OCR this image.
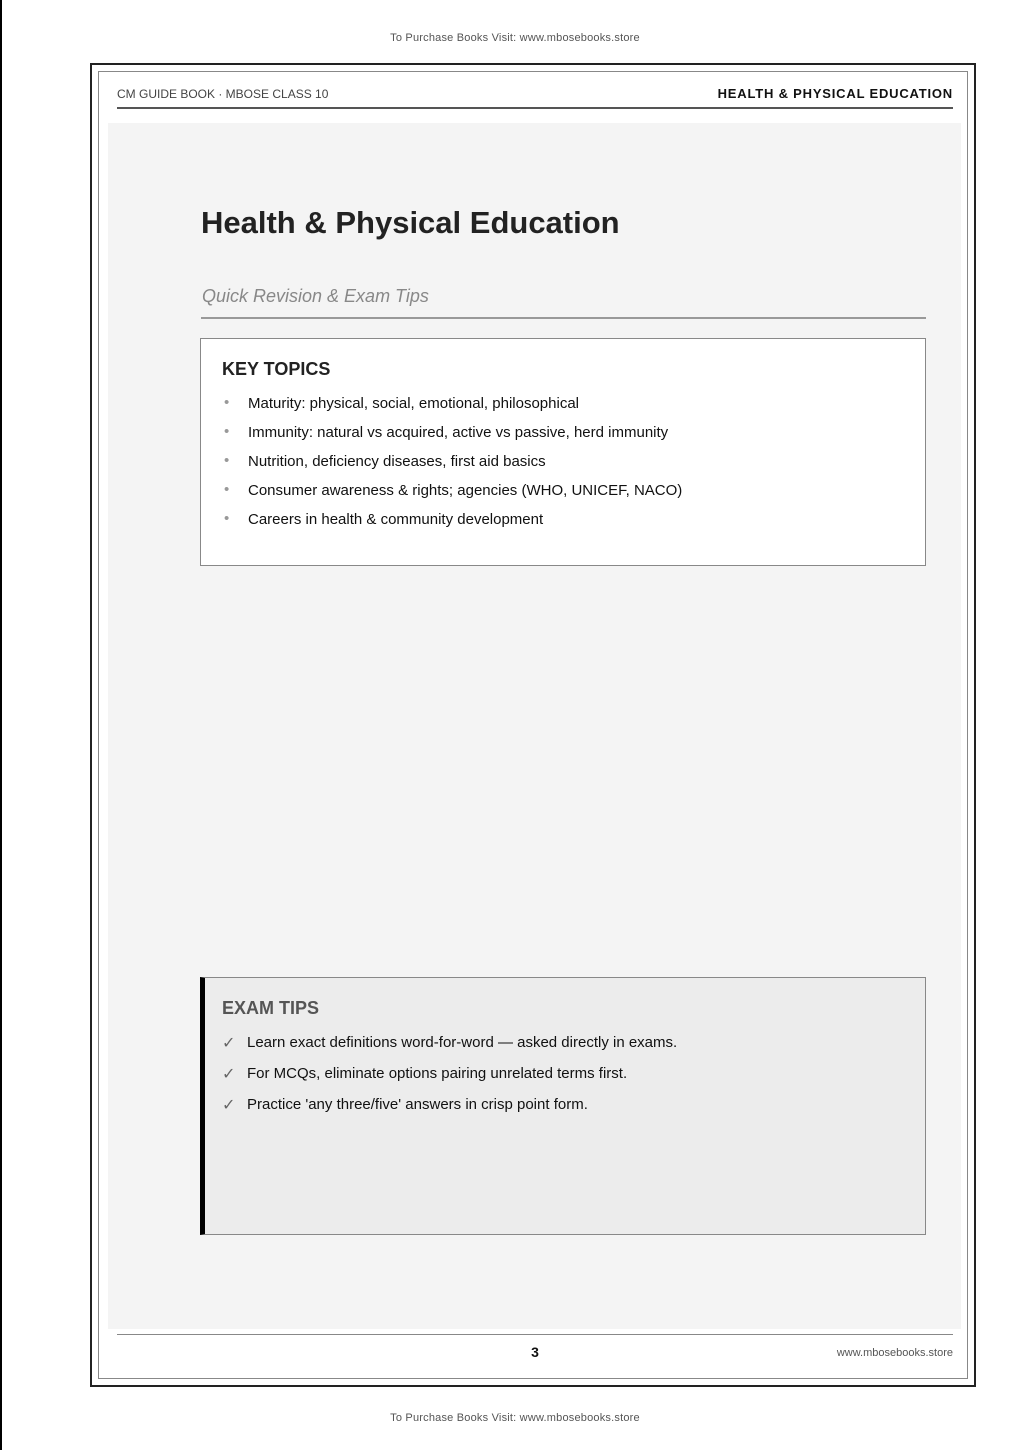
To Purchase Books Visit: www.mbosebooks.store
CM GUIDE BOOK · MBOSE CLASS 10	HEALTH & PHYSICAL EDUCATION
Health & Physical Education
Quick Revision & Exam Tips
KEY TOPICS
• Maturity: physical, social, emotional, philosophical
• Immunity: natural vs acquired, active vs passive, herd immunity
• Nutrition, deficiency diseases, first aid basics
• Consumer awareness & rights; agencies (WHO, UNICEF, NACO)
• Careers in health & community development
EXAM TIPS
✓ Learn exact definitions word-for-word — asked directly in exams.
✓ For MCQs, eliminate options pairing unrelated terms first.
✓ Practice 'any three/five' answers in crisp point form.
3	www.mbosebooks.store
To Purchase Books Visit: www.mbosebooks.store
